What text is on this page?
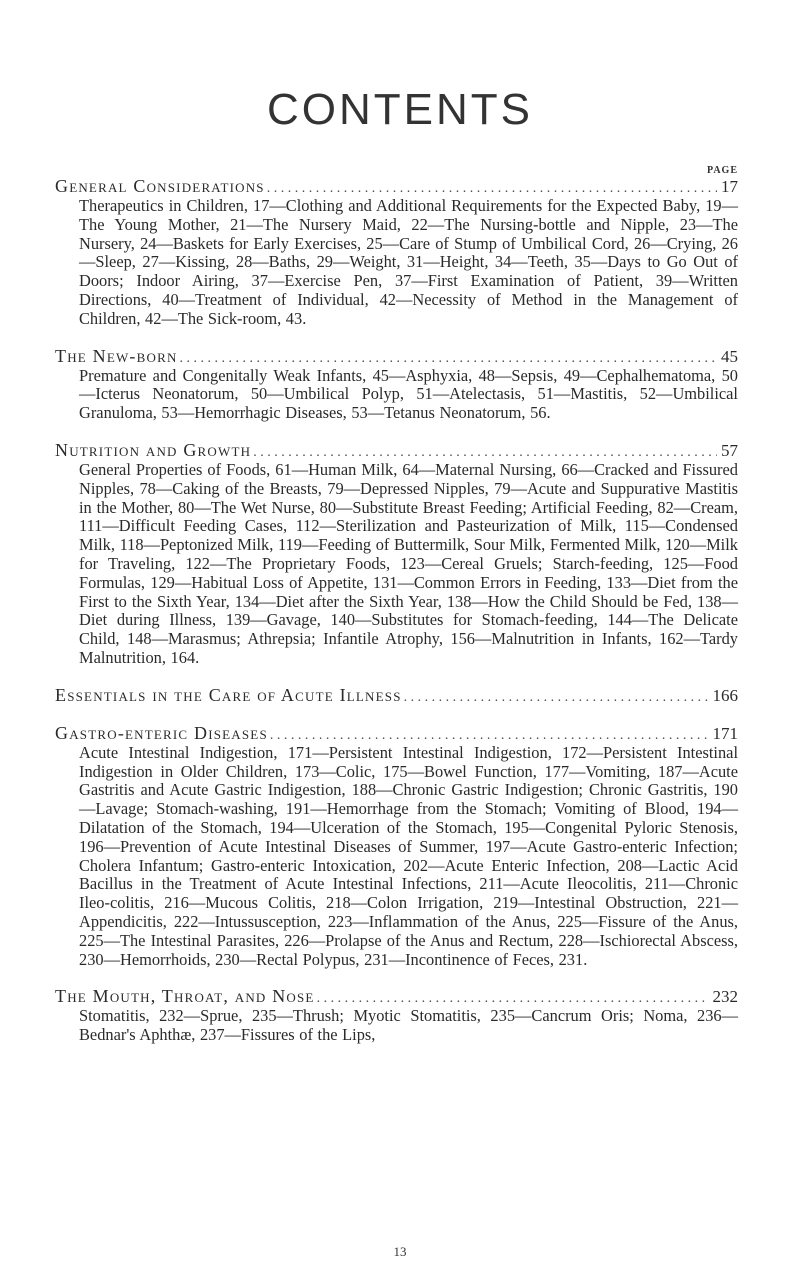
CONTENTS
PAGE
General Considerations . . .	17

Therapeutics in Children, 17—Clothing and Additional Requirements for the Expected Baby, 19—The Young Mother, 21—The Nursery Maid, 22—The Nursing-bottle and Nipple, 23—The Nursery, 24—Baskets for Early Exercises, 25—Care of Stump of Umbilical Cord, 26—Crying, 26—Sleep, 27—Kissing, 28—Baths, 29—Weight, 31—Height, 34—Teeth, 35—Days to Go Out of Doors; Indoor Airing, 37—Exercise Pen, 37—First Examination of Patient, 39—Written Directions, 40—Treatment of Individual, 42—Necessity of Method in the Management of Children, 42—The Sick-room, 43.

The New-born . . .	45

Premature and Congenitally Weak Infants, 45—Asphyxia, 48—Sepsis, 49—Cephalhematoma, 50—Icterus Neonatorum, 50—Umbilical Polyp, 51—Atelectasis, 51—Mastitis, 52—Umbilical Granuloma, 53—Hemorrhagic Diseases, 53—Tetanus Neonatorum, 56.

Nutrition and Growth . . .	57

General Properties of Foods, 61—Human Milk, 64—Maternal Nursing, 66—Cracked and Fissured Nipples, 78—Caking of the Breasts, 79—Depressed Nipples, 79—Acute and Suppurative Mastitis in the Mother, 80—The Wet Nurse, 80—Substitute Breast Feeding; Artificial Feeding, 82—Cream, 111—Difficult Feeding Cases, 112—Sterilization and Pasteurization of Milk, 115—Condensed Milk, 118—Peptonized Milk, 119—Feeding of Buttermilk, Sour Milk, Fermented Milk, 120—Milk for Traveling, 122—The Proprietary Foods, 123—Cereal Gruels; Starch-feeding, 125—Food Formulas, 129—Habitual Loss of Appetite, 131—Common Errors in Feeding, 133—Diet from the First to the Sixth Year, 134—Diet after the Sixth Year, 138—How the Child Should be Fed, 138—Diet during Illness, 139—Gavage, 140—Substitutes for Stomach-feeding, 144—The Delicate Child, 148—Marasmus; Athrepsia; Infantile Atrophy, 156—Malnutrition in Infants, 162—Tardy Malnutrition, 164.

Essentials in the Care of Acute Illness . . .	166
Gastro-enteric Diseases . . .	171

Acute Intestinal Indigestion, 171—Persistent Intestinal Indigestion, 172—Persistent Intestinal Indigestion in Older Children, 173—Colic, 175—Bowel Function, 177—Vomiting, 187—Acute Gastritis and Acute Gastric Indigestion, 188—Chronic Gastric Indigestion; Chronic Gastritis, 190—Lavage; Stomach-washing, 191—Hemorrhage from the Stomach; Vomiting of Blood, 194—Dilatation of the Stomach, 194—Ulceration of the Stomach, 195—Congenital Pyloric Stenosis, 196—Prevention of Acute Intestinal Diseases of Summer, 197—Acute Gastro-enteric Infection; Cholera Infantum; Gastro-enteric Intoxication, 202—Acute Enteric Infection, 208—Lactic Acid Bacillus in the Treatment of Acute Intestinal Infections, 211—Acute Ileocolitis, 211—Chronic Ileo-colitis, 216—Mucous Colitis, 218—Colon Irrigation, 219—Intestinal Obstruction, 221—Appendicitis, 222—Intussusception, 223—Inflammation of the Anus, 225—Fissure of the Anus, 225—The Intestinal Parasites, 226—Prolapse of the Anus and Rectum, 228—Ischiorectal Abscess, 230—Hemorrhoids, 230—Rectal Polypus, 231—Incontinence of Feces, 231.

The Mouth, Throat, and Nose . . .	232

Stomatitis, 232—Sprue, 235—Thrush; Myotic Stomatitis, 235—Cancrum Oris; Noma, 236—Bednar's Aphthæ, 237—Fissures of the Lips,

13
